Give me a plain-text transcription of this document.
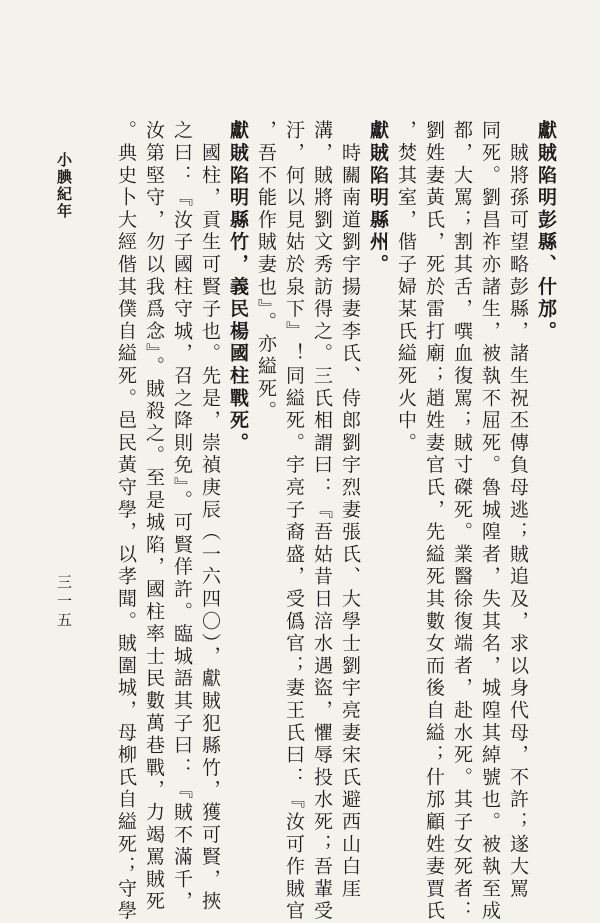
小腆紀年
三一五
獻賊陷明彭縣、什邡。
　賊將孫可望略彭縣，諸生祝丕傳負母逃；賊追及，求以身代母，不許；遂大罵
同死。劉昌祚亦諸生，被執不屈死。魯城隍者，失其名，城隍其綽號也。被執至成
都，大罵；割其舌，噀血復罵；賊寸磔死。業醫徐復端者，赴水死。其子女死者：
劉姓妻黃氏，死於雷打廟；趙姓妻官氏，先縊死其數女而後自縊；什邡顧姓妻賈氏
，焚其室，偕子婦某氏縊死火中。
獻賊陷明縣州。
　時關南道劉宇揚妻李氏、侍郎劉宇烈妻張氏、大學士劉宇亮妻宋氏避西山白厓
溝，賊將劉文秀訪得之。三氏相謂曰：『吾姑昔日涪水遇盜，懼辱投水死；吾輩受
汙，何以見姑於泉下』！同縊死。宇亮子裔盛，受僞官；妻王氏曰：『汝可作賊官
，吾不能作賊妻也』。亦縊死。
獻賊陷明縣竹，義民楊國柱戰死。
　國柱，貢生可賢子也。先是，崇禎庚辰（一六四〇），獻賊犯縣竹，獲可賢，挾
之曰：『汝子國柱守城，召之降則免』。可賢佯許。臨城語其子曰：『賊不滿千，
汝第堅守，勿以我爲念』。賊殺之。至是城陷，國柱率士民數萬巷戰，力竭罵賊死
。典史卜大經偕其僕自縊死。邑民黃守學，以孝聞。賊圍城，母柳氏自縊死；守學
